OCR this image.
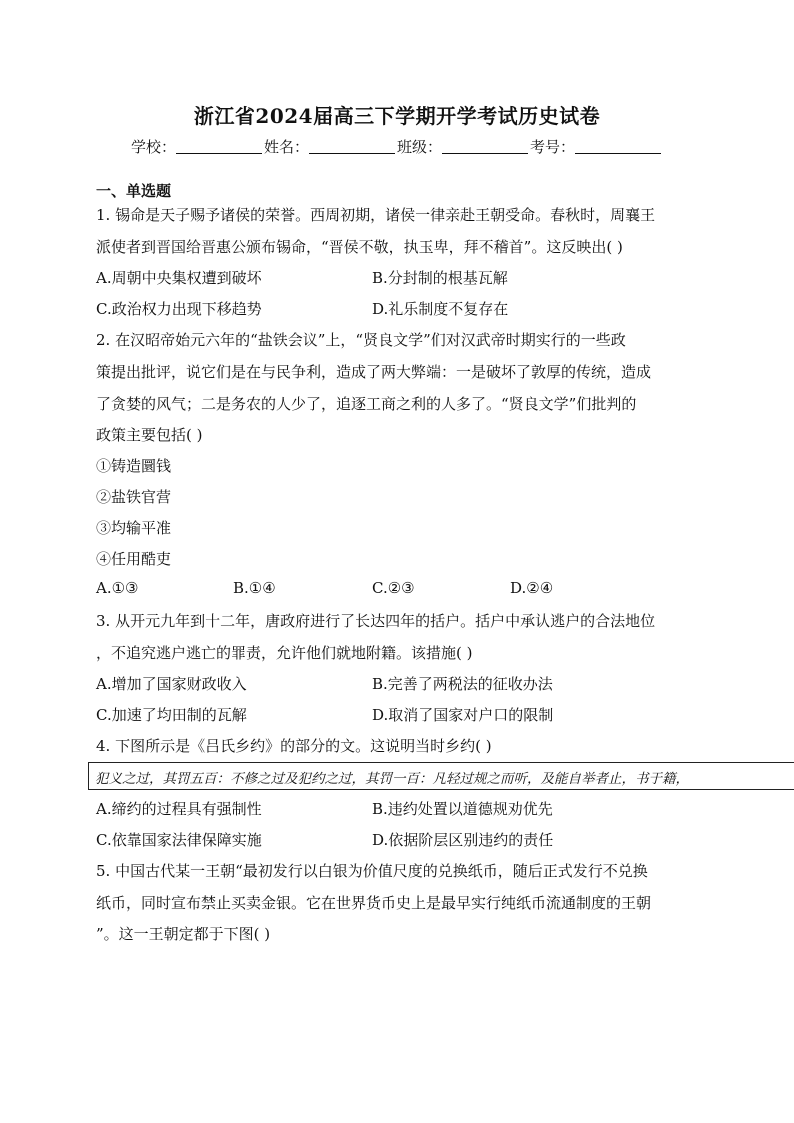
浙江省2024届高三下学期开学考试历史试卷
学校：	姓名：	班级：	考号：
一、单选题
1. 锡命是天子赐予诸侯的荣誉。西周初期，诸侯一律亲赴王朝受命。春秋时，周襄王
派使者到晋国给晋惠公颁布锡命，“晋侯不敬，执玉卑，拜不稽首”。这反映出( )
A.周朝中央集权遭到破坏	B.分封制的根基瓦解
C.政治权力出现下移趋势	D.礼乐制度不复存在
2. 在汉昭帝始元六年的“盐铁会议”上，“贤良文学”们对汉武帝时期实行的一些政
策提出批评，说它们是在与民争利，造成了两大弊端：一是破坏了敦厚的传统，造成
了贪婪的风气；二是务农的人少了，追逐工商之利的人多了。“贤良文学”们批判的
政策主要包括( )
①铸造圜钱
②盐铁官营
③均输平准
④任用酷吏
A.①③	B.①④	C.②③	D.②④
3. 从开元九年到十二年，唐政府进行了长达四年的括户。括户中承认逃户的合法地位
，不追究逃户逃亡的罪责，允许他们就地附籍。该措施( )
A.增加了国家财政收入	B.完善了两税法的征收办法
C.加速了均田制的瓦解	D.取消了国家对户口的限制
4. 下图所示是《吕氏乡约》的部分的文。这说明当时乡约( )
犯义之过，其罚五百：不修之过及犯约之过，其罚一百：凡轻过规之而听，及能自举者止，书于籍，
A.缔约的过程具有强制性	B.违约处置以道德规劝优先
C.依靠国家法律保障实施	D.依据阶层区别违约的责任
5. 中国古代某一王朝“最初发行以白银为价值尺度的兑换纸币，随后正式发行不兑换
纸币，同时宣布禁止买卖金银。它在世界货币史上是最早实行纯纸币流通制度的王朝
”。这一王朝定都于下图( )
